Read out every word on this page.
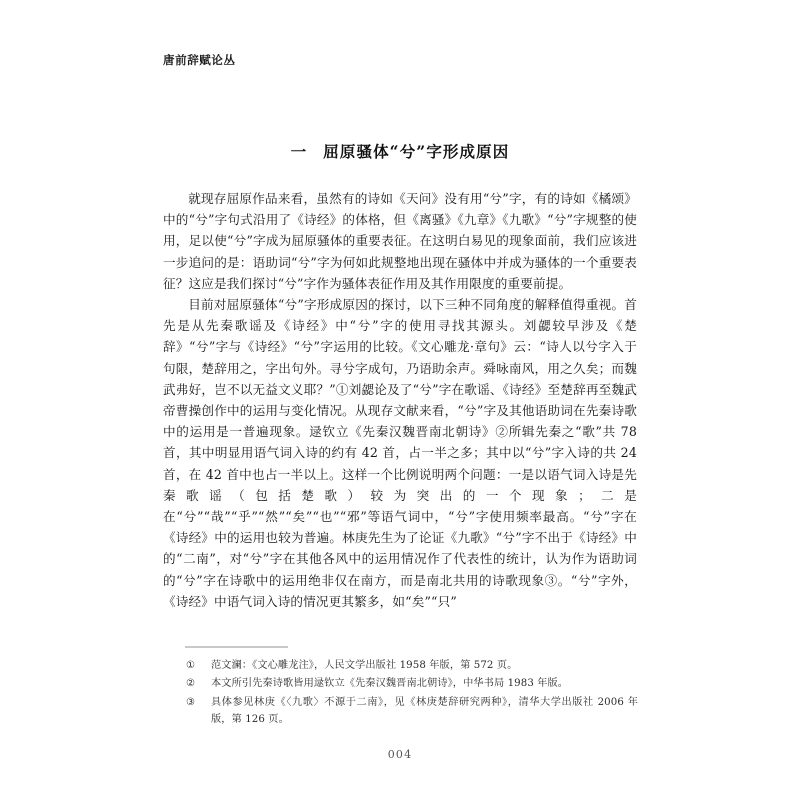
唐前辞赋论丛
一 屈原骚体“兮”字形成原因

就现存屈原作品来看，虽然有的诗如《天问》没有用“兮”字，有的诗如《橘颂》中的“兮”字句式沿用了《诗经》的体格，但《离骚》《九章》《九歌》“兮”字规整的使用，足以使“兮”字成为屈原骚体的重要表征。在这明白易见的现象面前，我们应该进一步追问的是：语助词“兮”字为何如此规整地出现在骚体中并成为骚体的一个重要表征？这应是我们探讨“兮”字作为骚体表征作用及其作用限度的重要前提。

目前对屈原骚体“兮”字形成原因的探讨，以下三种不同角度的解释值得重视。首先是从先秦歌谣及《诗经》中“兮”字的使用寻找其源头。刘勰较早涉及《楚辞》“兮”字与《诗经》“兮”字运用的比较。《文心雕龙·章句》云：“诗人以兮字入于句限，楚辞用之，字出句外。寻兮字成句，乃语助余声。舜咏南风，用之久矣；而魏武弗好，岂不以无益文义耶？”①刘勰论及了“兮”字在歌谣、《诗经》至楚辞再至魏武帝曹操创作中的运用与变化情况。从现存文献来看，“兮”字及其他语助词在先秦诗歌中的运用是一普遍现象。逯钦立《先秦汉魏晋南北朝诗》②所辑先秦之“歌”共 78 首，其中明显用语气词入诗的约有 42 首，占一半之多；其中以“兮”字入诗的共 24 首，在 42 首中也占一半以上。这样一个比例说明两个问题：一是以语气词入诗是先秦歌谣（包括楚歌）较为突出的一个现象；二是在“兮”“哉”“乎”“然”“矣”“也”“邪”等语气词中，“兮”字使用频率最高。“兮”字在《诗经》中的运用也较为普遍。林庚先生为了论证《九歌》“兮”字不出于《诗经》中的“二南”，对“兮”字在其他各风中的运用情况作了代表性的统计，认为作为语助词的“兮”字在诗歌中的运用绝非仅在南方，而是南北共用的诗歌现象③。“兮”字外，《诗经》中语气词入诗的情况更其繁多，如“矣”“只”

①	范文澜：《文心雕龙注》，人民文学出版社 1958 年版，第 572 页。
②	本文所引先秦诗歌皆用逯钦立《先秦汉魏晋南北朝诗》，中华书局 1983 年版。
③	具体参见林庚《〈九歌〉不源于二南》，见《林庚楚辞研究两种》，清华大学出版社 2006 年版，第 126 页。
004
